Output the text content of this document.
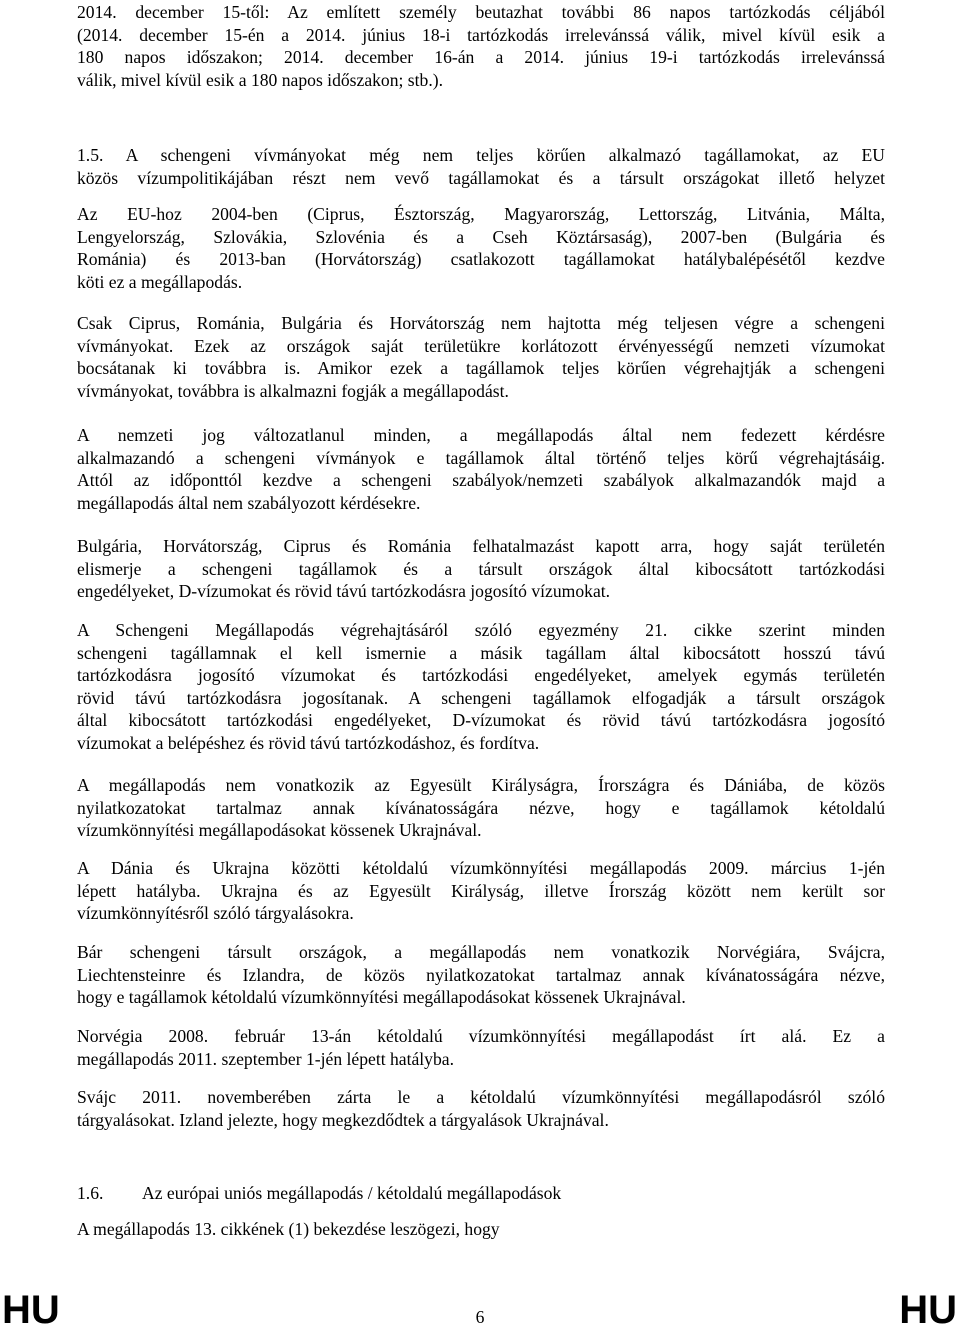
2014. december 15-től: Az említett személy beutazhat további 86 napos tartózkodás céljából
(2014. december 15-én a 2014. június 18-i tartózkodás irrelevánssá válik, mivel kívül esik a
180 napos időszakon; 2014. december 16-án a 2014. június 19-i tartózkodás irrelevánssá
válik, mivel kívül esik a 180 napos időszakon; stb.).
1.5. A schengeni vívmányokat még nem teljes körűen alkalmazó tagállamokat, az EU
közös vízumpolitikájában részt nem vevő tagállamokat és a társult országokat illető helyzet
Az EU-hoz 2004-ben (Ciprus, Észtország, Magyarország, Lettország, Litvánia, Málta,
Lengyelország, Szlovákia, Szlovénia és a Cseh Köztársaság), 2007-ben (Bulgária és
Románia) és 2013-ban (Horvátország) csatlakozott tagállamokat hatálybalépésétől kezdve
köti ez a megállapodás.
Csak Ciprus, Románia, Bulgária és Horvátország nem hajtotta még teljesen végre a schengeni
vívmányokat. Ezek az országok saját területükre korlátozott érvényességű nemzeti vízumokat
bocsátanak ki továbbra is. Amikor ezek a tagállamok teljes körűen végrehajtják a schengeni
vívmányokat, továbbra is alkalmazni fogják a megállapodást.
A nemzeti jog változatlanul minden, a megállapodás által nem fedezett kérdésre
alkalmazandó a schengeni vívmányok e tagállamok által történő teljes körű végrehajtásáig.
Attól az időponttól kezdve a schengeni szabályok/nemzeti szabályok alkalmazandók majd a
megállapodás által nem szabályozott kérdésekre.
Bulgária, Horvátország, Ciprus és Románia felhatalmazást kapott arra, hogy saját területén
elismerje a schengeni tagállamok és a társult országok által kibocsátott tartózkodási
engedélyeket, D-vízumokat és rövid távú tartózkodásra jogosító vízumokat.
A Schengeni Megállapodás végrehajtásáról szóló egyezmény 21. cikke szerint minden
schengeni tagállamnak el kell ismernie a másik tagállam által kibocsátott hosszú távú
tartózkodásra jogosító vízumokat és tartózkodási engedélyeket, amelyek egymás területén
rövid távú tartózkodásra jogosítanak. A schengeni tagállamok elfogadják a társult országok
által kibocsátott tartózkodási engedélyeket, D-vízumokat és rövid távú tartózkodásra jogosító
vízumokat a belépéshez és rövid távú tartózkodáshoz, és fordítva.
A megállapodás nem vonatkozik az Egyesült Királyságra, Írországra és Dániába, de közös
nyilatkozatokat tartalmaz annak kívánatosságára nézve, hogy e tagállamok kétoldalú
vízumkönnyítési megállapodásokat kössenek Ukrajnával.
A Dánia és Ukrajna közötti kétoldalú vízumkönnyítési megállapodás 2009. március 1-jén
lépett hatályba. Ukrajna és az Egyesült Királyság, illetve Írország között nem került sor
vízumkönnyítésről szóló tárgyalásokra.
Bár schengeni társult országok, a megállapodás nem vonatkozik Norvégiára, Svájcra,
Liechtensteinre és Izlandra, de közös nyilatkozatokat tartalmaz annak kívánatosságára nézve,
hogy e tagállamok kétoldalú vízumkönnyítési megállapodásokat kössenek Ukrajnával.
Norvégia 2008. február 13-án kétoldalú vízumkönnyítési megállapodást írt alá. Ez a
megállapodás 2011. szeptember 1-jén lépett hatályba.
Svájc 2011. novemberében zárta le a kétoldalú vízumkönnyítési megállapodásról szóló
tárgyalásokat. Izland jelezte, hogy megkezdődtek a tárgyalások Ukrajnával.
1.6. Az európai uniós megállapodás / kétoldalú megállapodások
A megállapodás 13. cikkének (1) bekezdése leszögezi, hogy
HU	6	HU
